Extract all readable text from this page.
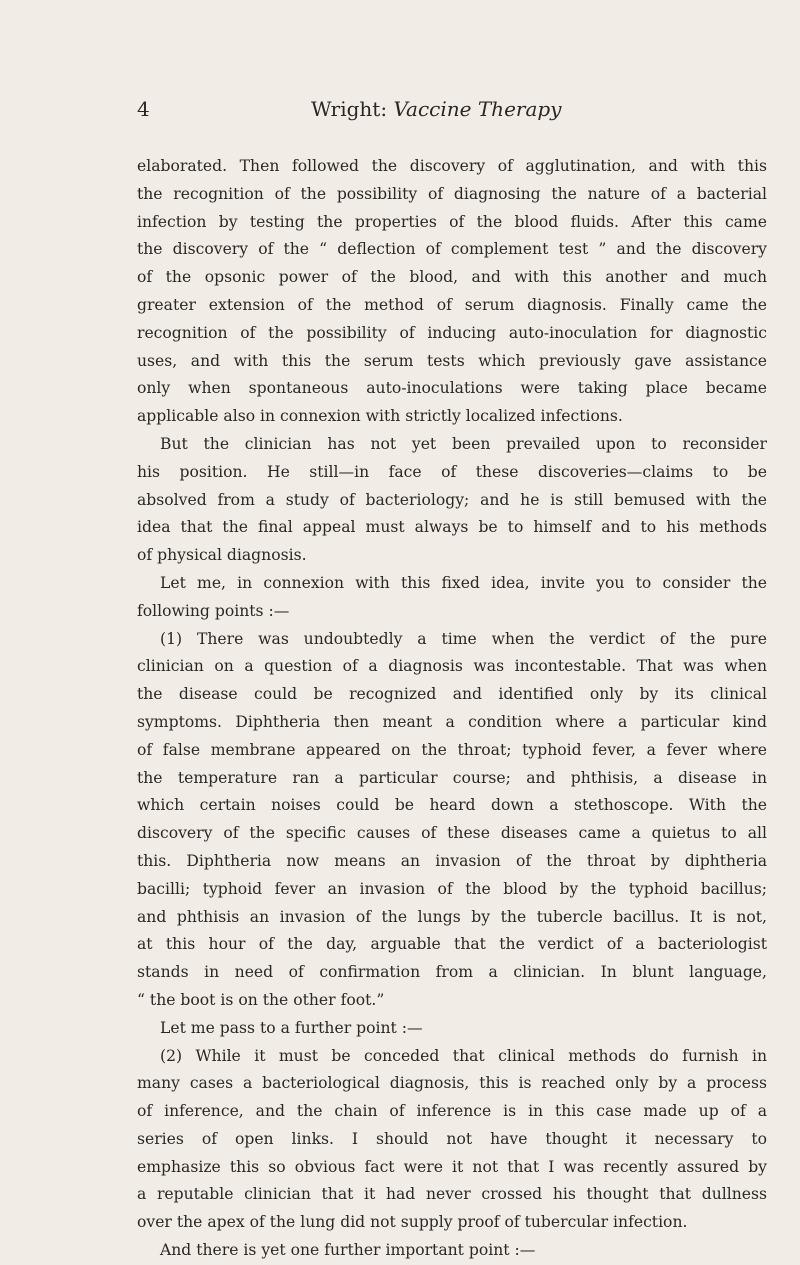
4	Wright: Vaccine Therapy
elaborated. Then followed the discovery of agglutination, and with this
the recognition of the possibility of diagnosing the nature of a bacterial
infection by testing the properties of the blood fluids. After this came
the discovery of the “ deflection of complement test ” and the discovery
of the opsonic power of the blood, and with this another and much
greater extension of the method of serum diagnosis. Finally came the
recognition of the possibility of inducing auto-inoculation for diagnostic
uses, and with this the serum tests which previously gave assistance
only when spontaneous auto-inoculations were taking place became
applicable also in connexion with strictly localized infections.
But the clinician has not yet been prevailed upon to reconsider
his position. He still—in face of these discoveries—claims to be
absolved from a study of bacteriology; and he is still bemused with the
idea that the final appeal must always be to himself and to his methods
of physical diagnosis.
Let me, in connexion with this fixed idea, invite you to consider the
following points :—
(1) There was undoubtedly a time when the verdict of the pure
clinician on a question of a diagnosis was incontestable. That was when
the disease could be recognized and identified only by its clinical
symptoms. Diphtheria then meant a condition where a particular kind
of false membrane appeared on the throat; typhoid fever, a fever where
the temperature ran a particular course; and phthisis, a disease in
which certain noises could be heard down a stethoscope. With the
discovery of the specific causes of these diseases came a quietus to all
this. Diphtheria now means an invasion of the throat by diphtheria
bacilli; typhoid fever an invasion of the blood by the typhoid bacillus;
and phthisis an invasion of the lungs by the tubercle bacillus. It is not,
at this hour of the day, arguable that the verdict of a bacteriologist
stands in need of confirmation from a clinician. In blunt language,
“ the boot is on the other foot.”
Let me pass to a further point :—
(2) While it must be conceded that clinical methods do furnish in
many cases a bacteriological diagnosis, this is reached only by a process
of inference, and the chain of inference is in this case made up of a
series of open links. I should not have thought it necessary to
emphasize this so obvious fact were it not that I was recently assured by
a reputable clinician that it had never crossed his thought that dullness
over the apex of the lung did not supply proof of tubercular infection.
And there is yet one further important point :—
